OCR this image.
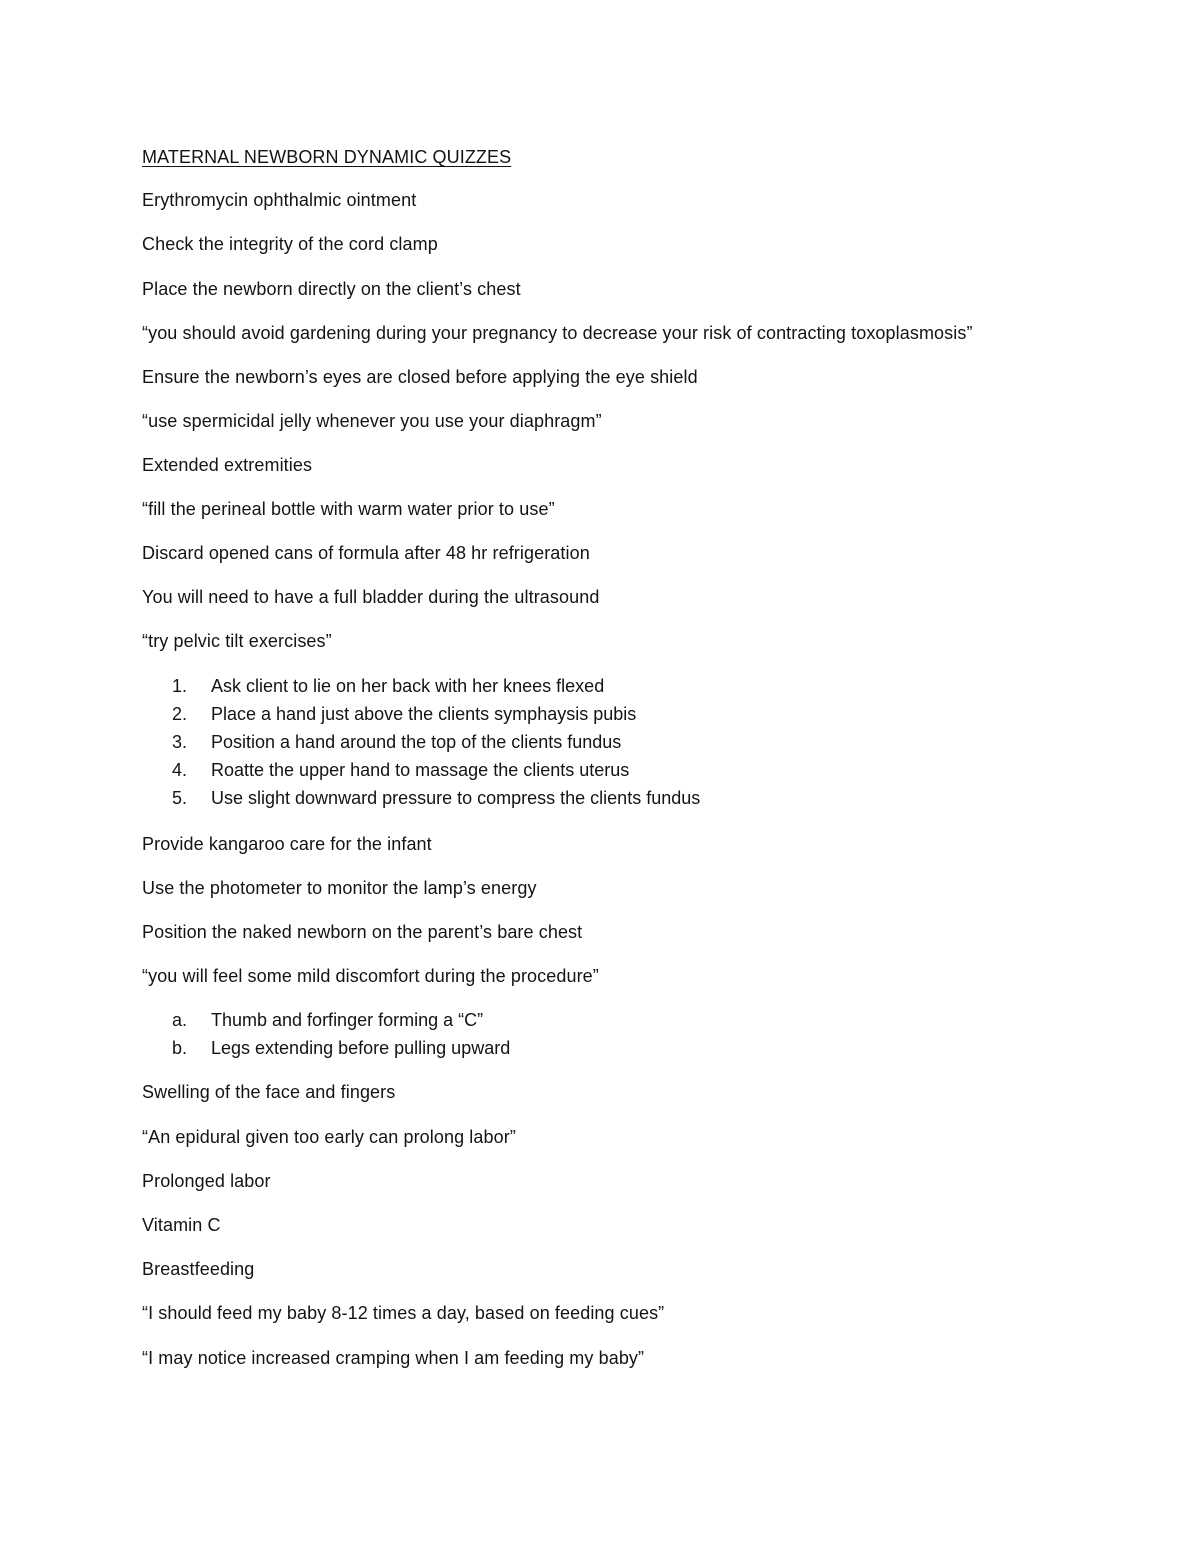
MATERNAL NEWBORN DYNAMIC QUIZZES
Erythromycin ophthalmic ointment
Check the integrity of the cord clamp
Place the newborn directly on the client’s chest
“you should avoid gardening during your pregnancy to decrease your risk of contracting toxoplasmosis”
Ensure the newborn’s eyes are closed before applying the eye shield
“use spermicidal jelly whenever you use your diaphragm”
Extended extremities
“fill the perineal bottle with warm water prior to use”
Discard opened cans of formula after 48 hr refrigeration
You will need to have a full bladder during the ultrasound
“try pelvic tilt exercises”
1.	Ask client to lie on her back with her knees flexed
2.	Place a hand just above the clients symphaysis pubis
3.	Position a hand around the top of the clients fundus
4.	Roatte the upper hand to massage the clients uterus
5.	Use slight downward pressure to compress the clients fundus
Provide kangaroo care for the infant
Use the photometer to monitor the lamp’s energy
Position the naked newborn on the parent’s bare chest
“you will feel some mild discomfort during the procedure”
a.	Thumb and forfinger forming a “C”
b.	Legs extending before pulling upward
Swelling of the face and fingers
“An epidural given too early can prolong labor”
Prolonged labor
Vitamin C
Breastfeeding
“I should feed my baby 8-12 times a day, based on feeding cues”
“I may notice increased cramping when I am feeding my baby”
